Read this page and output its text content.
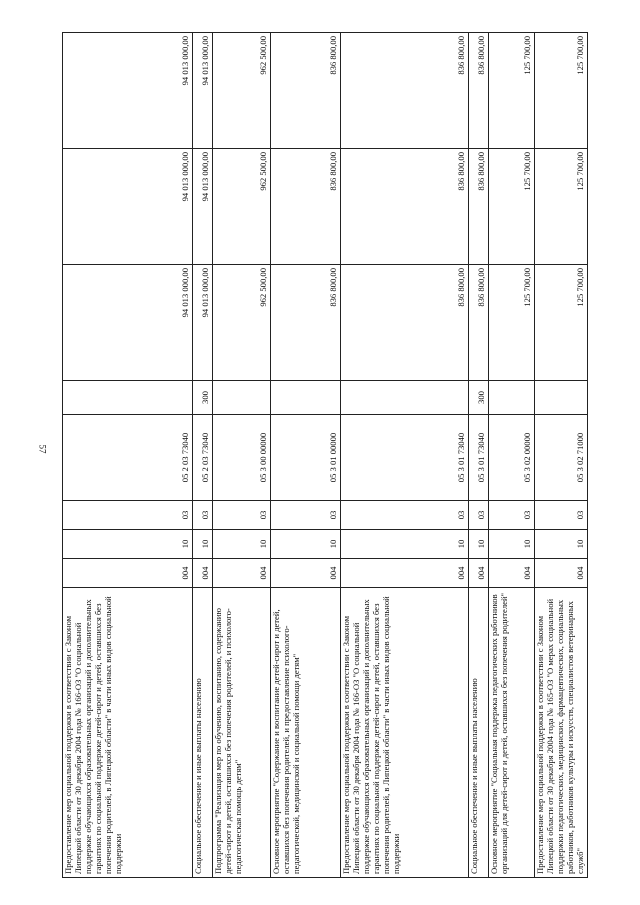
57
Предоставление мер социальной поддержки в соответствии с Законом Липецкой области от 30 декабря 2004 года № 166-ОЗ "О социальной поддержке обучающихся образовательных организаций и дополнительных гарантиях по социальной поддержке детей-сирот и детей, оставшихся без попечения родителей, в Липецкой области" в части иных видов социальной поддержки	004	10	03	05 2 03 73040		94 013 000,00	94 013 000,00	94 013 000,00
Социальное обеспечение и иные выплаты населению	004	10	03	05 2 03 73040	300	94 013 000,00	94 013 000,00	94 013 000,00
Подпрограмма "Реализация мер по обучению, воспитанию, содержанию детей-сирот и детей, оставшихся без попечения родителей, и психолого-педагогическая помощь детям"	004	10	03	05 3 00 00000		962 500,00	962 500,00	962 500,00
Основное мероприятие "Содержание и воспитание детей-сирот и детей, оставшихся без попечения родителей, и предоставление психолого-педагогической, медицинской и социальной помощи детям"	004	10	03	05 3 01 00000		836 800,00	836 800,00	836 800,00
Предоставление мер социальной поддержки в соответствии с Законом Липецкой области от 30 декабря 2004 года № 166-ОЗ "О социальной поддержке обучающихся образовательных организаций и дополнительных гарантиях по социальной поддержке детей-сирот и детей, оставшихся без попечения родителей, в Липецкой области" в части иных видов социальной поддержки	004	10	03	05 3 01 73040		836 800,00	836 800,00	836 800,00
Социальное обеспечение и иные выплаты населению	004	10	03	05 3 01 73040	300	836 800,00	836 800,00	836 800,00
Основное мероприятие "Социальная поддержка педагогических работников организаций для детей-сирот и детей, оставшихся без попечения родителей"	004	10	03	05 3 02 00000		125 700,00	125 700,00	125 700,00
Предоставление мер социальной поддержки в соответствии с Законом Липецкой области от 30 декабря 2004 года № 165-ОЗ "О мерах социальной поддержки педагогических, медицинских, фармацевтических, социальных работников, работников культуры и искусств, специалистов ветеринарных служб"	004	10	03	05 3 02 71000		125 700,00	125 700,00	125 700,00
